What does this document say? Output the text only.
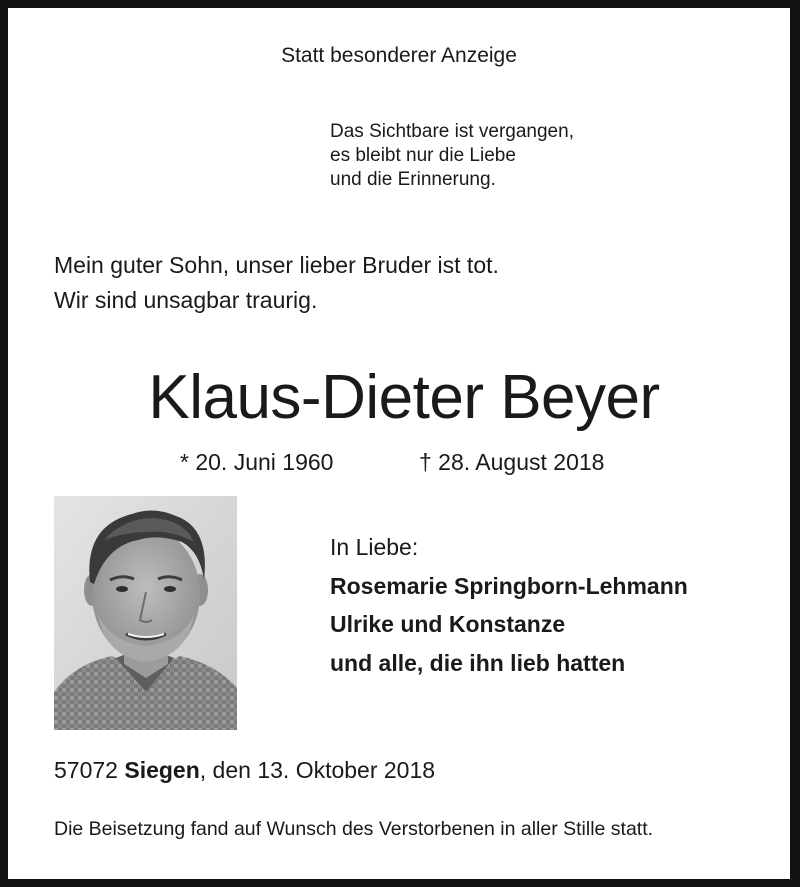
Statt besonderer Anzeige
Das Sichtbare ist vergangen,
es bleibt nur die Liebe
und die Erinnerung.
Mein guter Sohn, unser lieber Bruder ist tot.
Wir sind unsagbar traurig.
Klaus-Dieter Beyer
* 20. Juni 1960	† 28. August 2018
In Liebe:
Rosemarie Springborn-Lehmann
Ulrike und Konstanze
und alle, die ihn lieb hatten
57072 Siegen, den 13. Oktober 2018
Die Beisetzung fand auf Wunsch des Verstorbenen in aller Stille statt.
